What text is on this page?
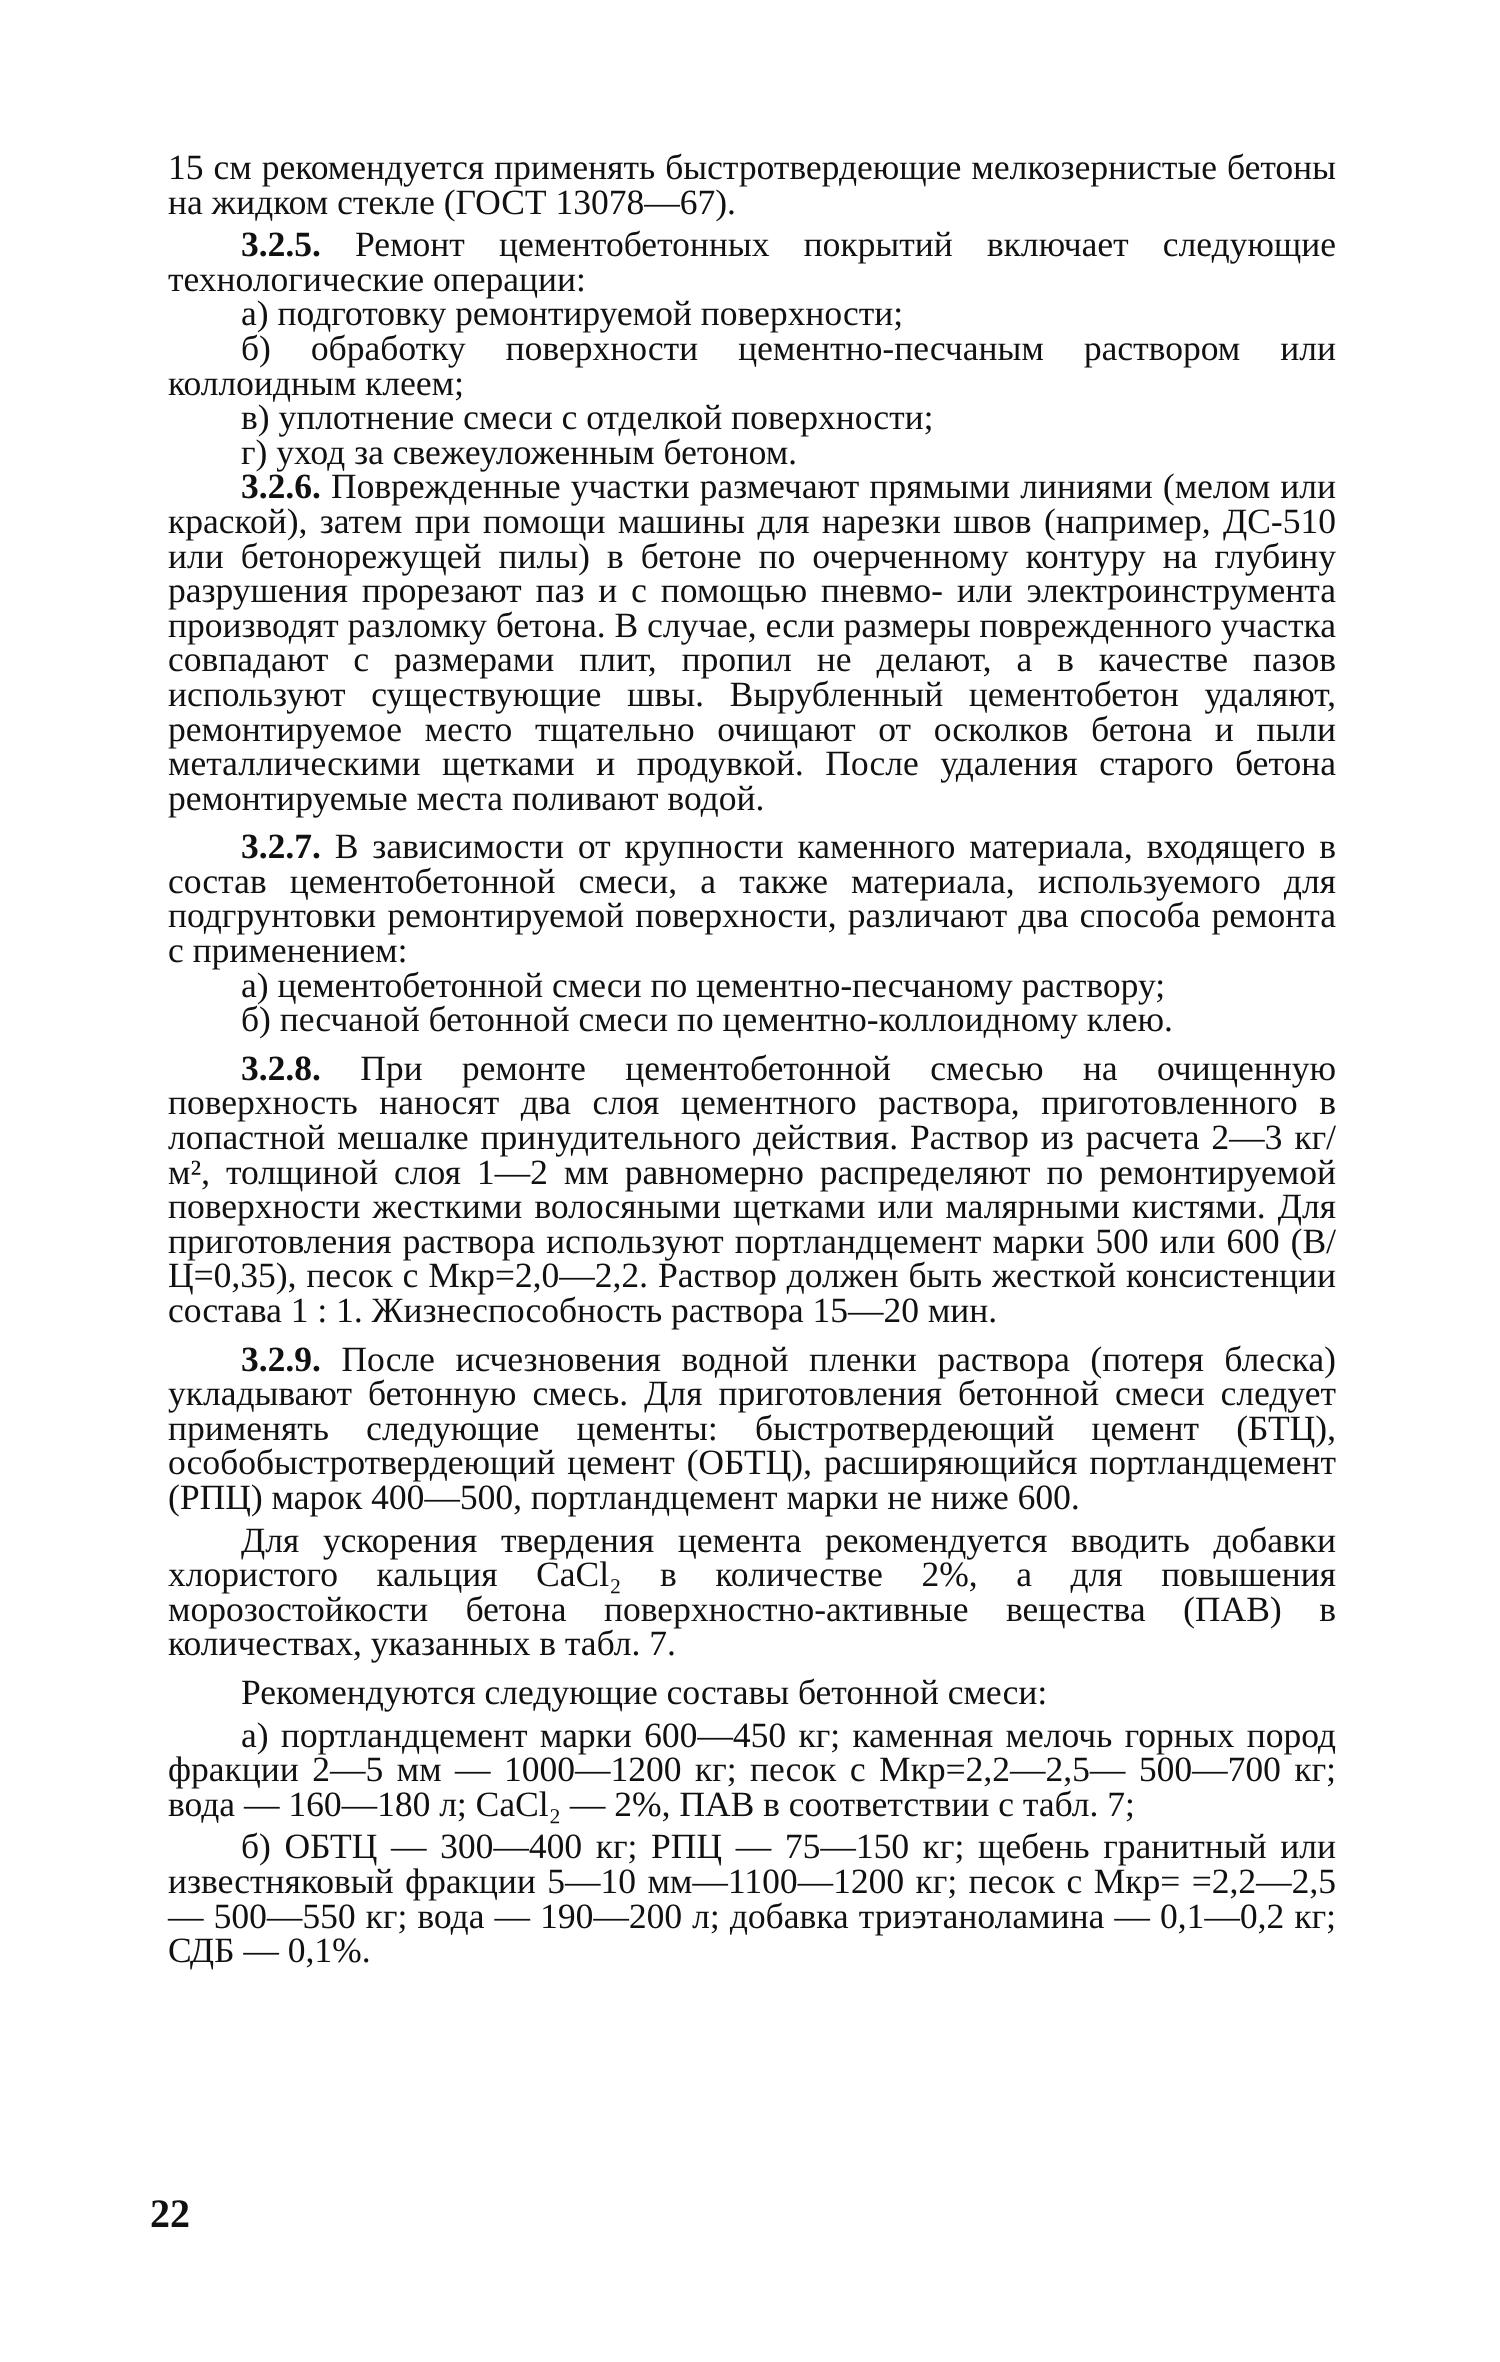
15 см рекомендуется применять быстротвердеющие мелкозернистые бетоны на жидком стекле (ГОСТ 13078—67).

3.2.5. Ремонт цементобетонных покрытий включает следующие технологические операции:

а) подготовку ремонтируемой поверхности;

б) обработку поверхности цементно-песчаным раствором или коллоидным клеем;

в) уплотнение смеси с отделкой поверхности;

г) уход за свежеуложенным бетоном.

3.2.6. Поврежденные участки размечают прямыми линиями (мелом или краской), затем при помощи машины для нарезки швов (например, ДС-510 или бетонорежущей пилы) в бетоне по очерченному контуру на глубину разрушения прорезают паз и с помощью пневмо- или электроинструмента производят разломку бетона. В случае, если размеры поврежденного участка совпадают с размерами плит, пропил не делают, а в качестве пазов используют существующие швы. Вырубленный цементобетон удаляют, ремонтируемое место тщательно очищают от осколков бетона и пыли металлическими щетками и продувкой. После удаления старого бетона ремонтируемые места поливают водой.

3.2.7. В зависимости от крупности каменного материала, входящего в состав цементобетонной смеси, а также материала, используемого для подгрунтовки ремонтируемой поверхности, различают два способа ремонта с применением:

а) цементобетонной смеси по цементно-песчаному раствору;

б) песчаной бетонной смеси по цементно-коллоидному клею.

3.2.8. При ремонте цементобетонной смесью на очищенную поверхность наносят два слоя цементного раствора, приготовленного в лопастной мешалке принудительного действия. Раствор из расчета 2—3 кг/м², толщиной слоя 1—2 мм равномерно распределяют по ремонтируемой поверхности жесткими волосяными щетками или малярными кистями. Для приготовления раствора используют портландцемент марки 500 или 600 (В/Ц=0,35), песок с Мкр=2,0—2,2. Раствор должен быть жесткой консистенции состава 1 : 1. Жизнеспособность раствора 15—20 мин.

3.2.9. После исчезновения водной пленки раствора (потеря блеска) укладывают бетонную смесь. Для приготовления бетонной смеси следует применять следующие цементы: быстротвердеющий цемент (БТЦ), особобыстротвердеющий цемент (ОБТЦ), расширяющийся портландцемент (РПЦ) марок 400—500, портландцемент марки не ниже 600.

Для ускорения твердения цемента рекомендуется вводить добавки хлористого кальция CaCl₂ в количестве 2%, а для повышения морозостойкости бетона поверхностно-активные вещества (ПАВ) в количествах, указанных в табл. 7.

Рекомендуются следующие составы бетонной смеси:

а) портландцемент марки 600—450 кг; каменная мелочь горных пород фракции 2—5 мм — 1000—1200 кг; песок с Мкр=2,2—2,5— 500—700 кг; вода — 160—180 л; CaCl₂ — 2%, ПАВ в соответствии с табл. 7;

б) ОБТЦ — 300—400 кг; РПЦ — 75—150 кг; щебень гранитный или известняковый фракции 5—10 мм—1100—1200 кг; песок с Мкр= =2,2—2,5 — 500—550 кг; вода — 190—200 л; добавка триэтаноламина — 0,1—0,2 кг; СДБ — 0,1%.

22
